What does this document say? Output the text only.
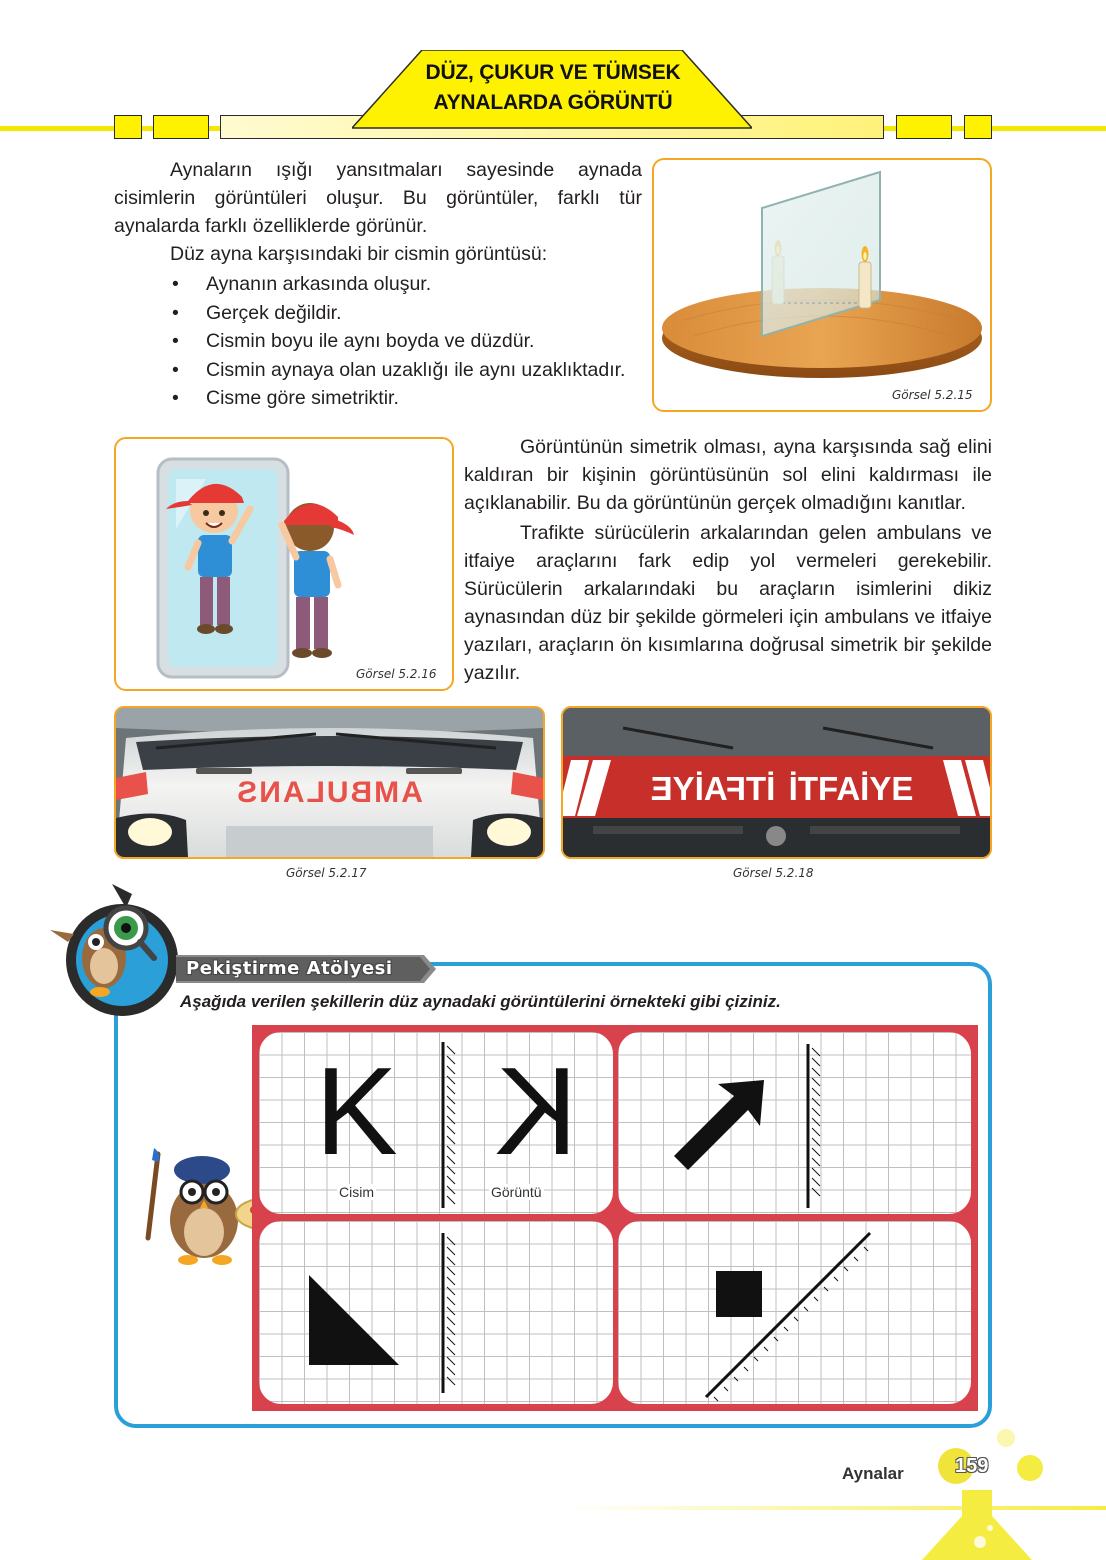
DÜZ, ÇUKUR VE TÜMSEK
AYNALARDA GÖRÜNTÜ
Aynaların ışığı yansıtmaları sayesinde aynada cisimlerin görüntüleri oluşur. Bu görüntüler, farklı tür aynalarda farklı özelliklerde görünür.
Düz ayna karşısındaki bir cismin görüntüsü:
• Aynanın arkasında oluşur.
• Gerçek değildir.
• Cismin boyu ile aynı boyda ve düzdür.
• Cismin aynaya olan uzaklığı ile aynı uzaklıktadır.
• Cisme göre simetriktir.	Görsel 5.2.15
Görsel 5.2.16
Görüntünün simetrik olması, ayna karşısında sağ elini kaldıran bir kişinin görüntüsünün sol elini kaldırması ile açıklanabilir. Bu da görüntünün gerçek olmadığını kanıtlar.
Trafikte sürücülerin arkalarından gelen ambulans ve itfaiye araçlarını fark edip yol vermeleri gerekebilir. Sürücülerin arkalarındaki bu araçların isimlerini dikiz aynasından düz bir şekilde görmeleri için ambulans ve itfaiye yazıları, araçların ön kısımlarına doğrusal simetrik bir şekilde yazılır.
AMBULANS
Görsel 5.2.17
İTFAİYE İTFAİYE
Görsel 5.2.18
Pekiştirme Atölyesi
Aşağıda verilen şekillerin düz aynadaki görüntülerini örnekteki gibi çiziniz.
K K
Cisim	Görüntü
Aynalar	159
